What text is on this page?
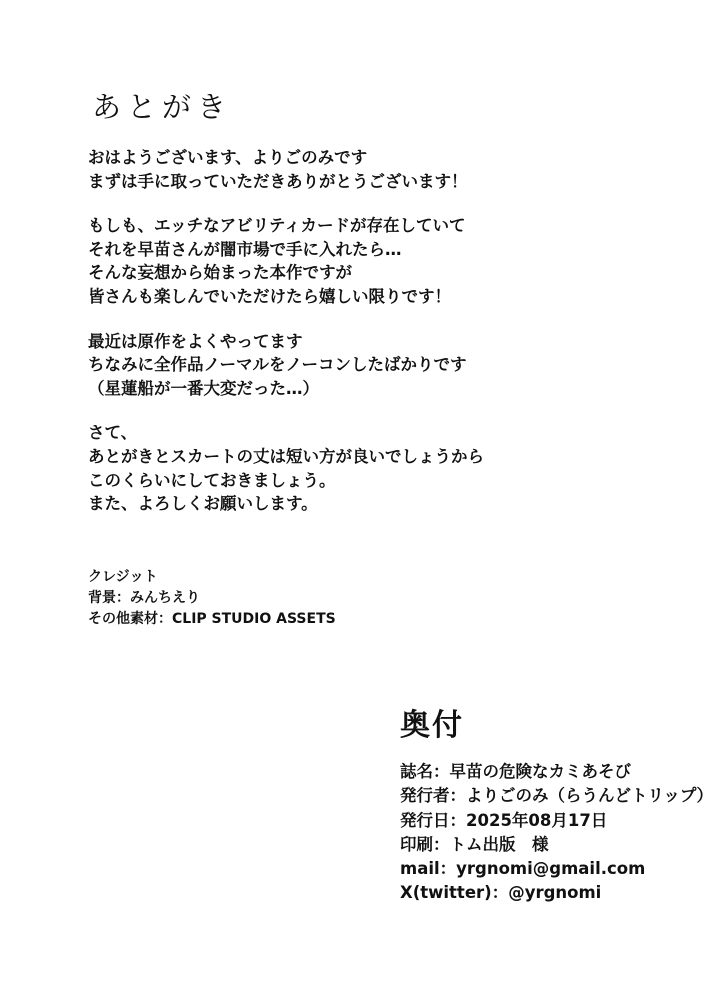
あとがき
おはようございます、よりごのみです
まずは手に取っていただきありがとうございます！
もしも、エッチなアビリティカードが存在していて
それを早苗さんが闇市場で手に入れたら…
そんな妄想から始まった本作ですが
皆さんも楽しんでいただけたら嬉しい限りです！
最近は原作をよくやってます
ちなみに全作品ノーマルをノーコンしたばかりです
（星蓮船が一番大変だった…）
さて、
あとがきとスカートの丈は短い方が良いでしょうから
このくらいにしておきましょう。
また、よろしくお願いします。
クレジット
背景：みんちえり
その他素材：CLIP STUDIO ASSETS
奥付
誌名：早苗の危険なカミあそび
発行者：よりごのみ（らうんどトリップ）
発行日：2025年08月17日
印刷：トム出版　様
mail：yrgnomi@gmail.com
X(twitter)：@yrgnomi
